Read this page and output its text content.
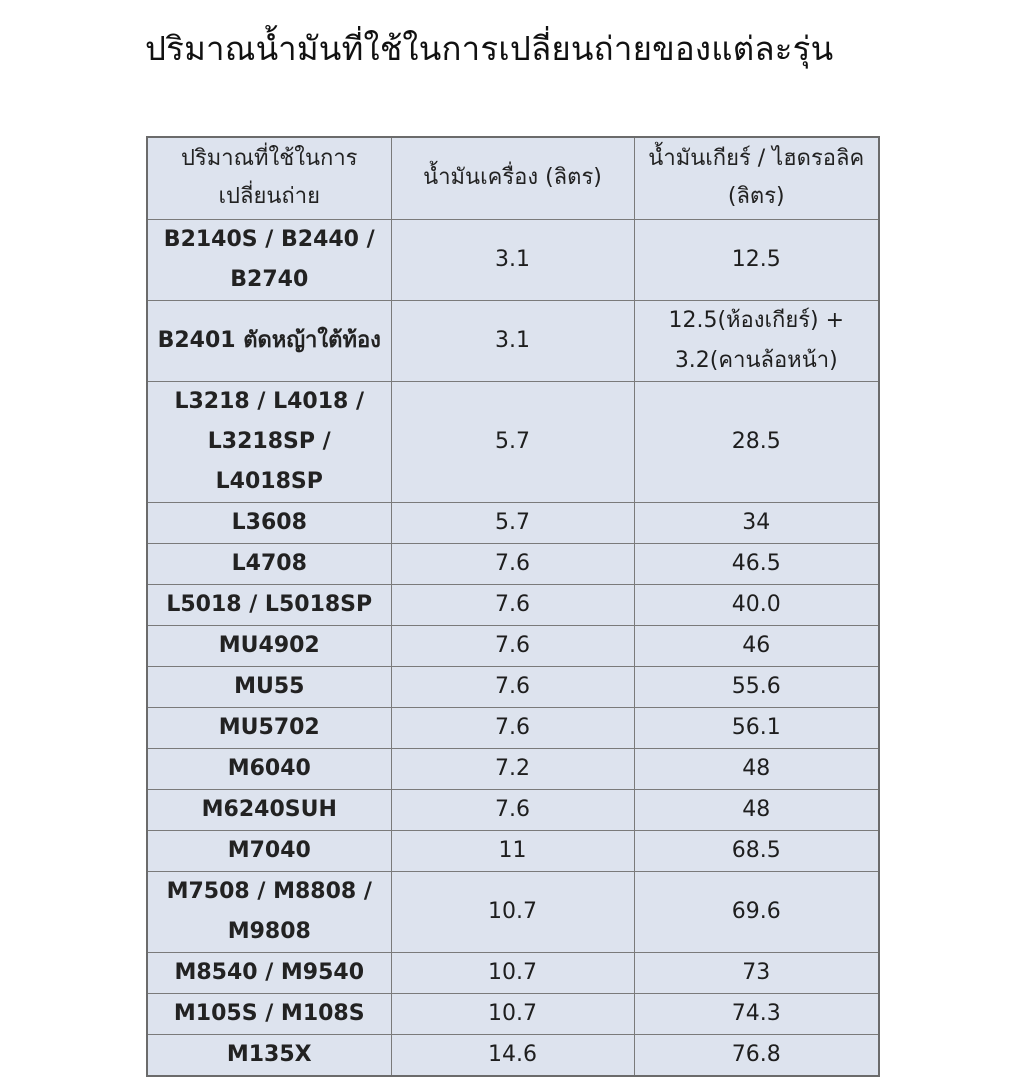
ปริมาณน้ำมันที่ใช้ในการเปลี่ยนถ่ายของแต่ละรุ่น
ปริมาณที่ใช้ในการเปลี่ยนถ่าย	น้ำมันเครื่อง (ลิตร)	น้ำมันเกียร์ / ไฮดรอลิค (ลิตร)
B2140S / B2440 / B2740	3.1	12.5
B2401 ตัดหญ้าใต้ท้อง	3.1	12.5(ห้องเกียร์) + 3.2(คานล้อหน้า)
L3218 / L4018 / L3218SP / L4018SP	5.7	28.5
L3608	5.7	34
L4708	7.6	46.5
L5018 / L5018SP	7.6	40.0
MU4902	7.6	46
MU55	7.6	55.6
MU5702	7.6	56.1
M6040	7.2	48
M6240SUH	7.6	48
M7040	11	68.5
M7508 / M8808 / M9808	10.7	69.6
M8540 / M9540	10.7	73
M105S / M108S	10.7	74.3
M135X	14.6	76.8
